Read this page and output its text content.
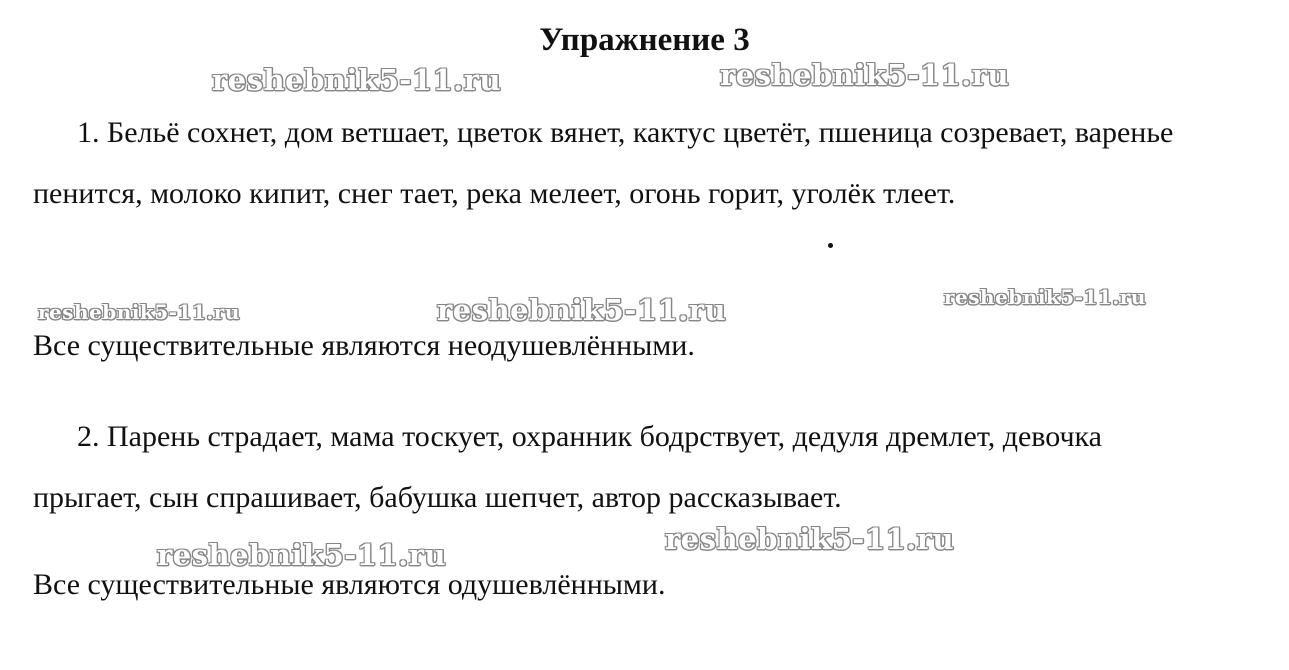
Упражнение 3
reshebnik5-11.ru	reshebnik5-11.ru
1. Бельё сохнет, дом ветшает, цветок вянет, кактус цветёт, пшеница созревает, варенье пенится, молоко кипит, снег тает, река мелеет, огонь горит, уголёк тлеет.
reshebnik5-11.ru	reshebnik5-11.ru	reshebnik5-11.ru
Все существительные являются неодушевлёнными.
2. Парень страдает, мама тоскует, охранник бодрствует, дедуля дремлет, девочка прыгает, сын спрашивает, бабушка шепчет, автор рассказывает.
reshebnik5-11.ru	reshebnik5-11.ru
Все существительные являются одушевлёнными.
